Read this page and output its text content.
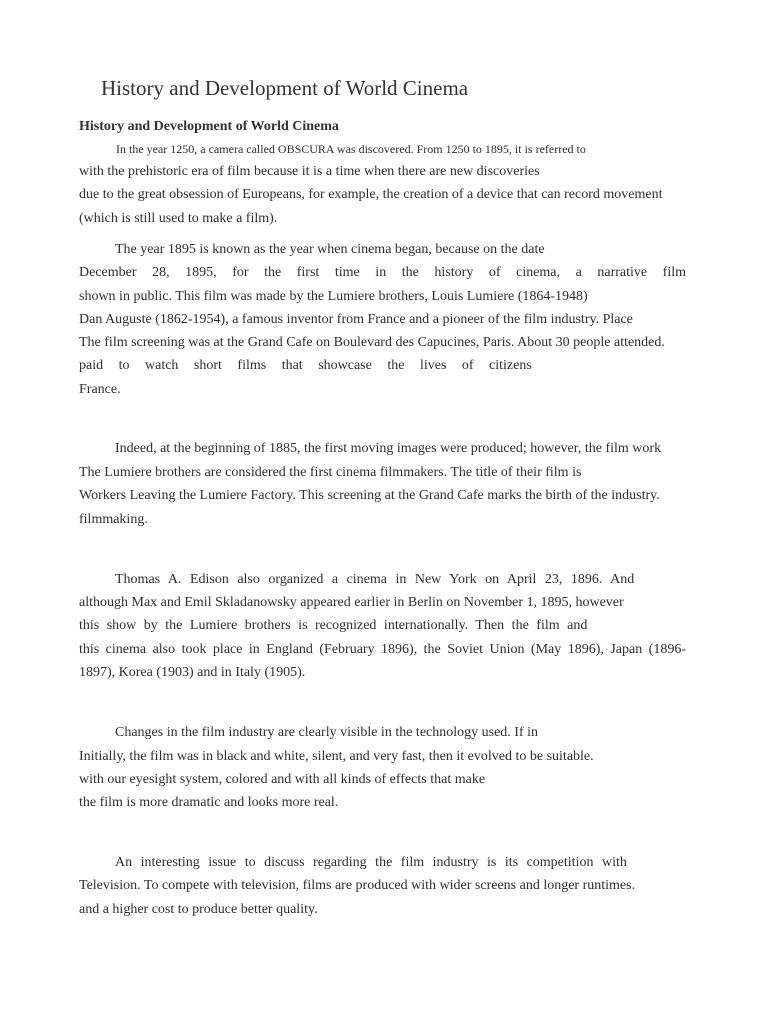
History and Development of World Cinema
History and Development of World Cinema
In the year 1250, a camera called OBSCURA was discovered. From 1250 to 1895, it is referred to
with the prehistoric era of film because it is a time when there are new discoveries
due to the great obsession of Europeans, for example, the creation of a device that can record movement
(which is still used to make a film).
The year 1895 is known as the year when cinema began, because on the date
December 28, 1895, for the first time in the history of cinema, a narrative film
shown in public. This film was made by the Lumiere brothers, Louis Lumiere (1864-1948)
Dan Auguste (1862-1954), a famous inventor from France and a pioneer of the film industry. Place
The film screening was at the Grand Cafe on Boulevard des Capucines, Paris. About 30 people attended.
paid to watch short films that showcase the lives of citizens
France.
Indeed, at the beginning of 1885, the first moving images were produced; however, the film work
The Lumiere brothers are considered the first cinema filmmakers. The title of their film is
Workers Leaving the Lumiere Factory. This screening at the Grand Cafe marks the birth of the industry.
filmmaking.
Thomas A. Edison also organized a cinema in New York on April 23, 1896. And
although Max and Emil Skladanowsky appeared earlier in Berlin on November 1, 1895, however
this show by the Lumiere brothers is recognized internationally. Then the film and
this cinema also took place in England (February 1896), the Soviet Union (May 1896), Japan (1896-
1897), Korea (1903) and in Italy (1905).
Changes in the film industry are clearly visible in the technology used. If in
Initially, the film was in black and white, silent, and very fast, then it evolved to be suitable.
with our eyesight system, colored and with all kinds of effects that make
the film is more dramatic and looks more real.
An interesting issue to discuss regarding the film industry is its competition with
Television. To compete with television, films are produced with wider screens and longer runtimes.
and a higher cost to produce better quality.
